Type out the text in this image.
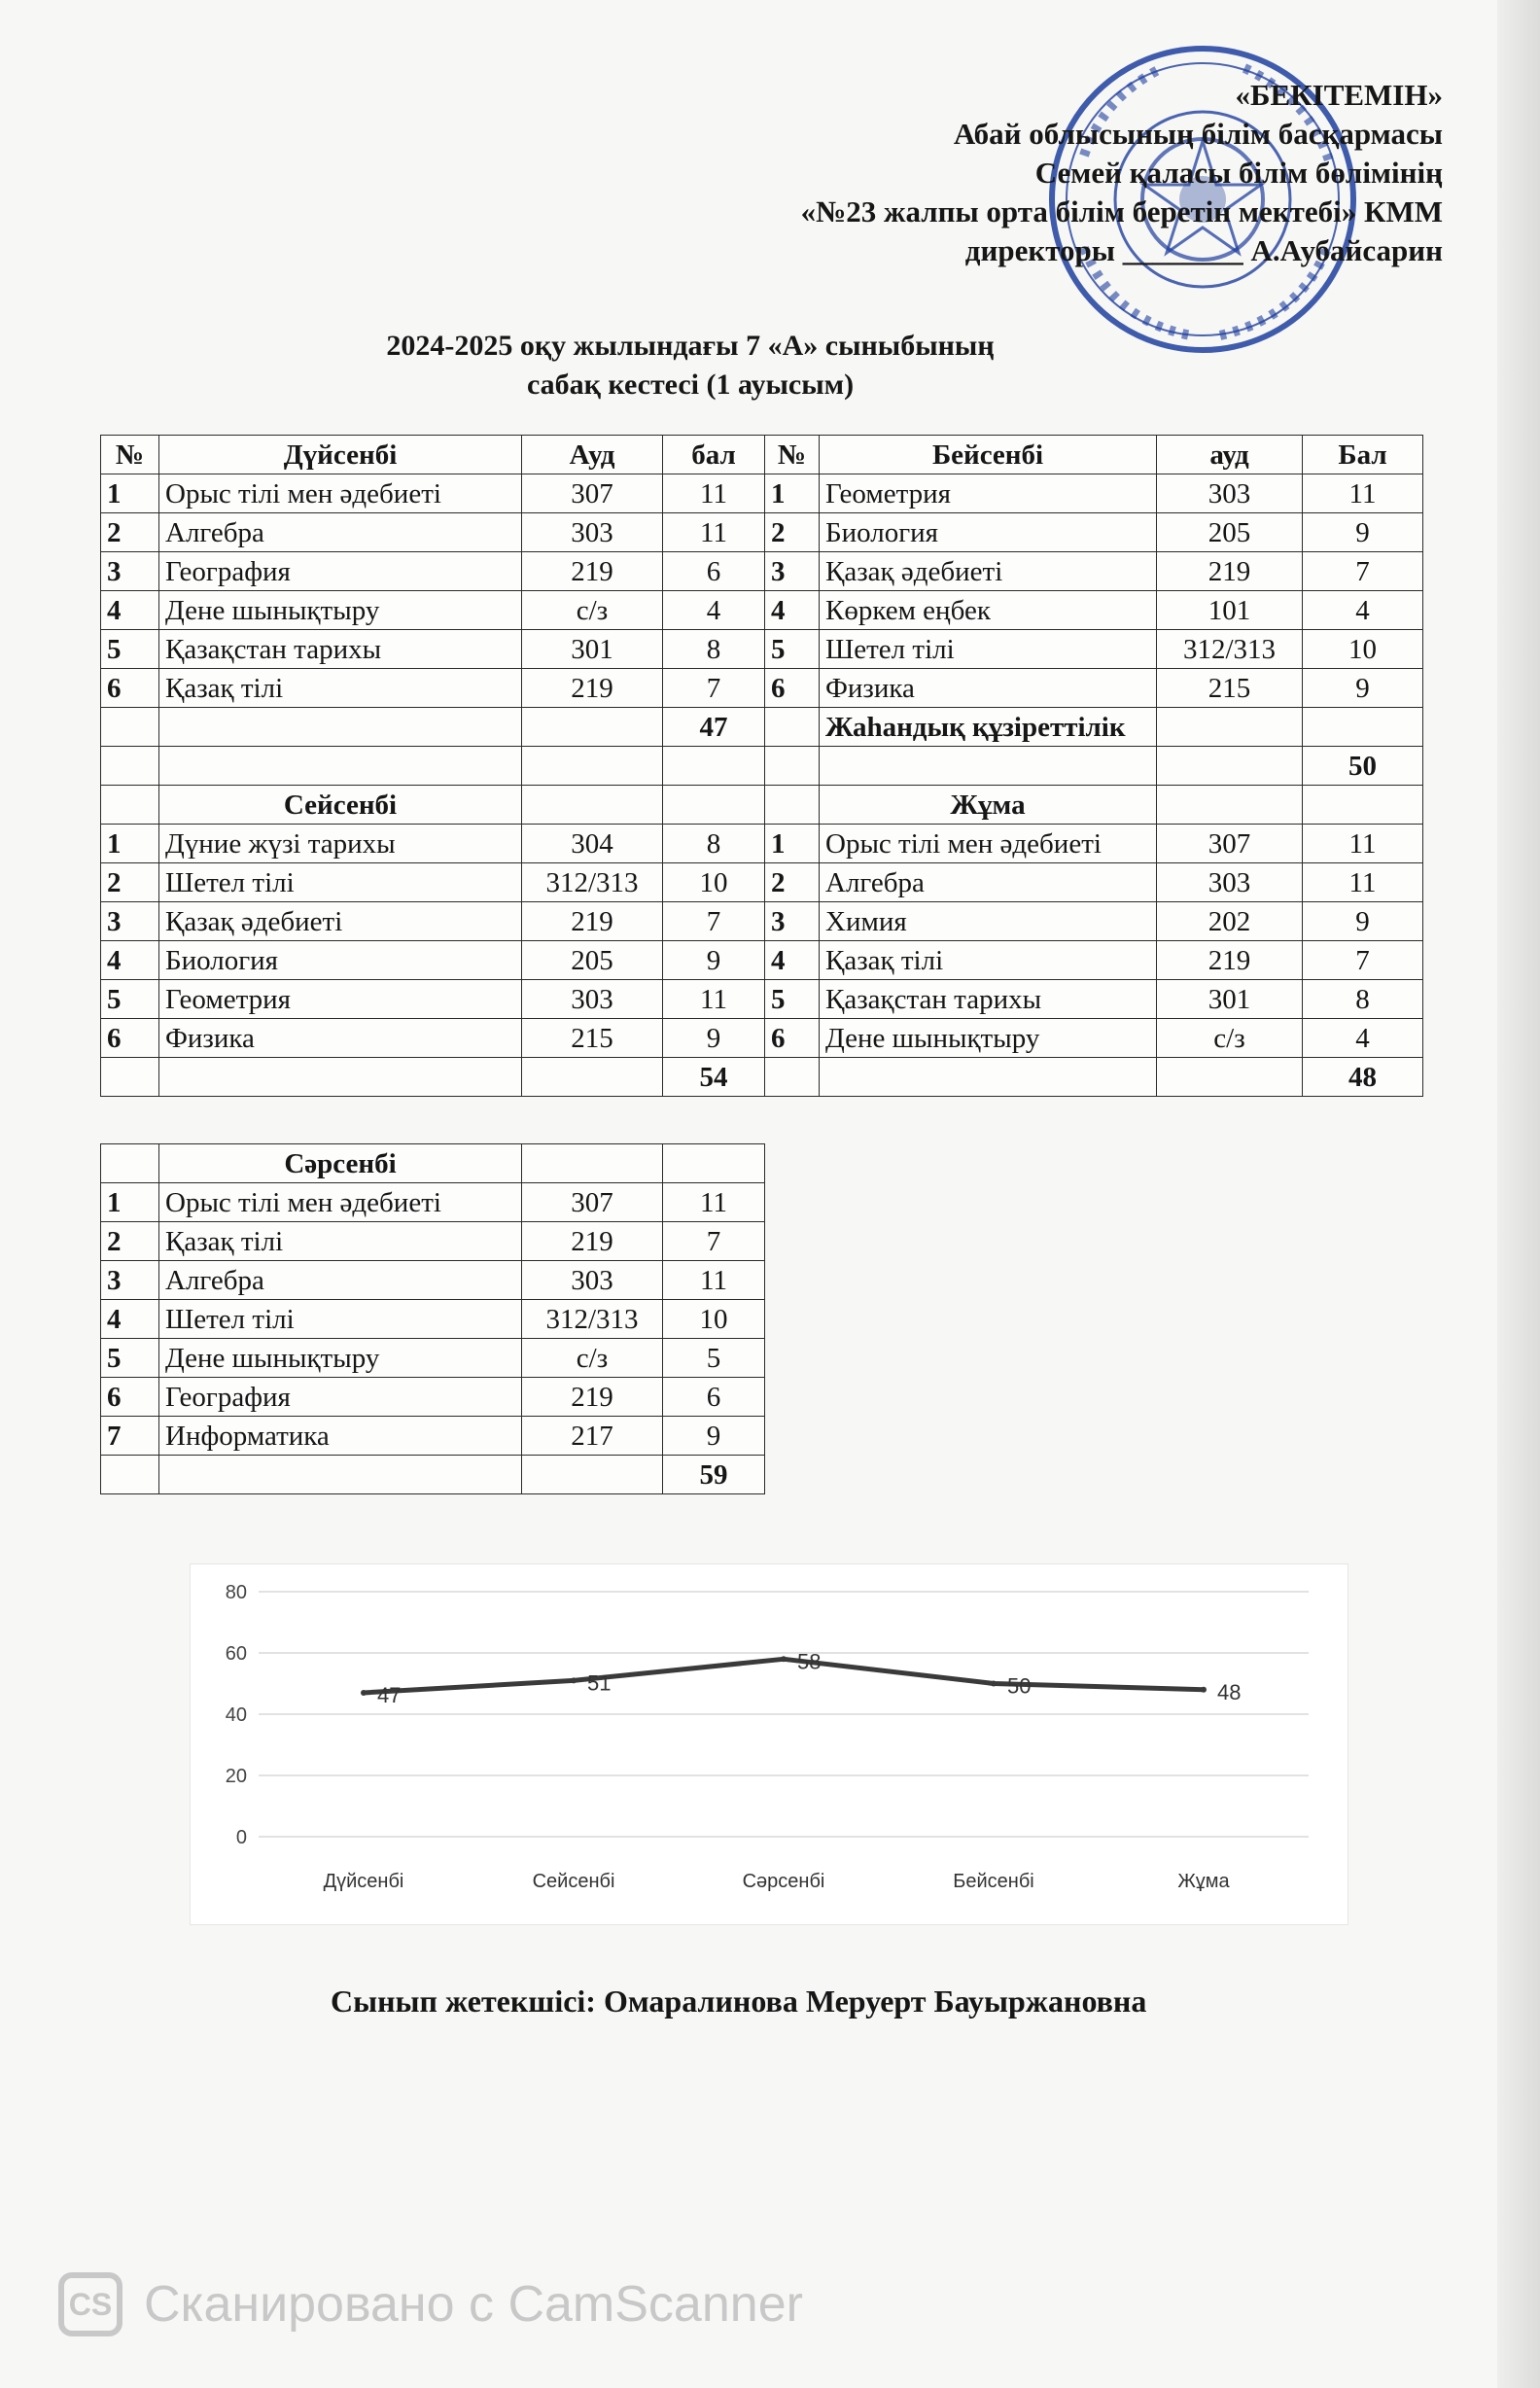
«БЕКІТЕМІН»
Абай облысының білім басқармасы
Семей қаласы білім бөлімінің
«№23 жалпы орта білім беретін мектебі» КММ
директоры ________ А.Аубайсарин
2024-2025 оқу жылындағы 7 «А» сыныбының
сабақ кестесі (1 ауысым)
№	Дүйсенбі	Ауд	бал	№	Бейсенбі	ауд	Бал
1	Орыс тілі мен әдебиеті	307	11	1	Геометрия	303	11
2	Алгебра	303	11	2	Биология	205	9
3	География	219	6	3	Қазақ әдебиеті	219	7
4	Дене шынықтыру	с/з	4	4	Көркем еңбек	101	4
5	Қазақстан тарихы	301	8	5	Шетел тілі	312/313	10
6	Қазақ тілі	219	7	6	Физика	215	9
			47		Жаһандық құзіреттілік		
							50
	Сейсенбі				Жұма		
1	Дүние жүзі тарихы	304	8	1	Орыс тілі мен әдебиеті	307	11
2	Шетел тілі	312/313	10	2	Алгебра	303	11
3	Қазақ әдебиеті	219	7	3	Химия	202	9
4	Биология	205	9	4	Қазақ тілі	219	7
5	Геометрия	303	11	5	Қазақстан тарихы	301	8
6	Физика	215	9	6	Дене шынықтыру	с/з	4
			54				48
	Сәрсенбі		
1	Орыс тілі мен әдебиеті	307	11
2	Қазақ тілі	219	7
3	Алгебра	303	11
4	Шетел тілі	312/313	10
5	Дене шынықтыру	с/з	5
6	География	219	6
7	Информатика	217	9
			59
0
20
40
60
80
47
51
58
50	48
Дүйсенбі	Сейсенбі	Сәрсенбі	Бейсенбі	Жұма
Сынып жетекшісі: Омаралинова Меруерт Бауыржановна
CS Сканировано с CamScanner
